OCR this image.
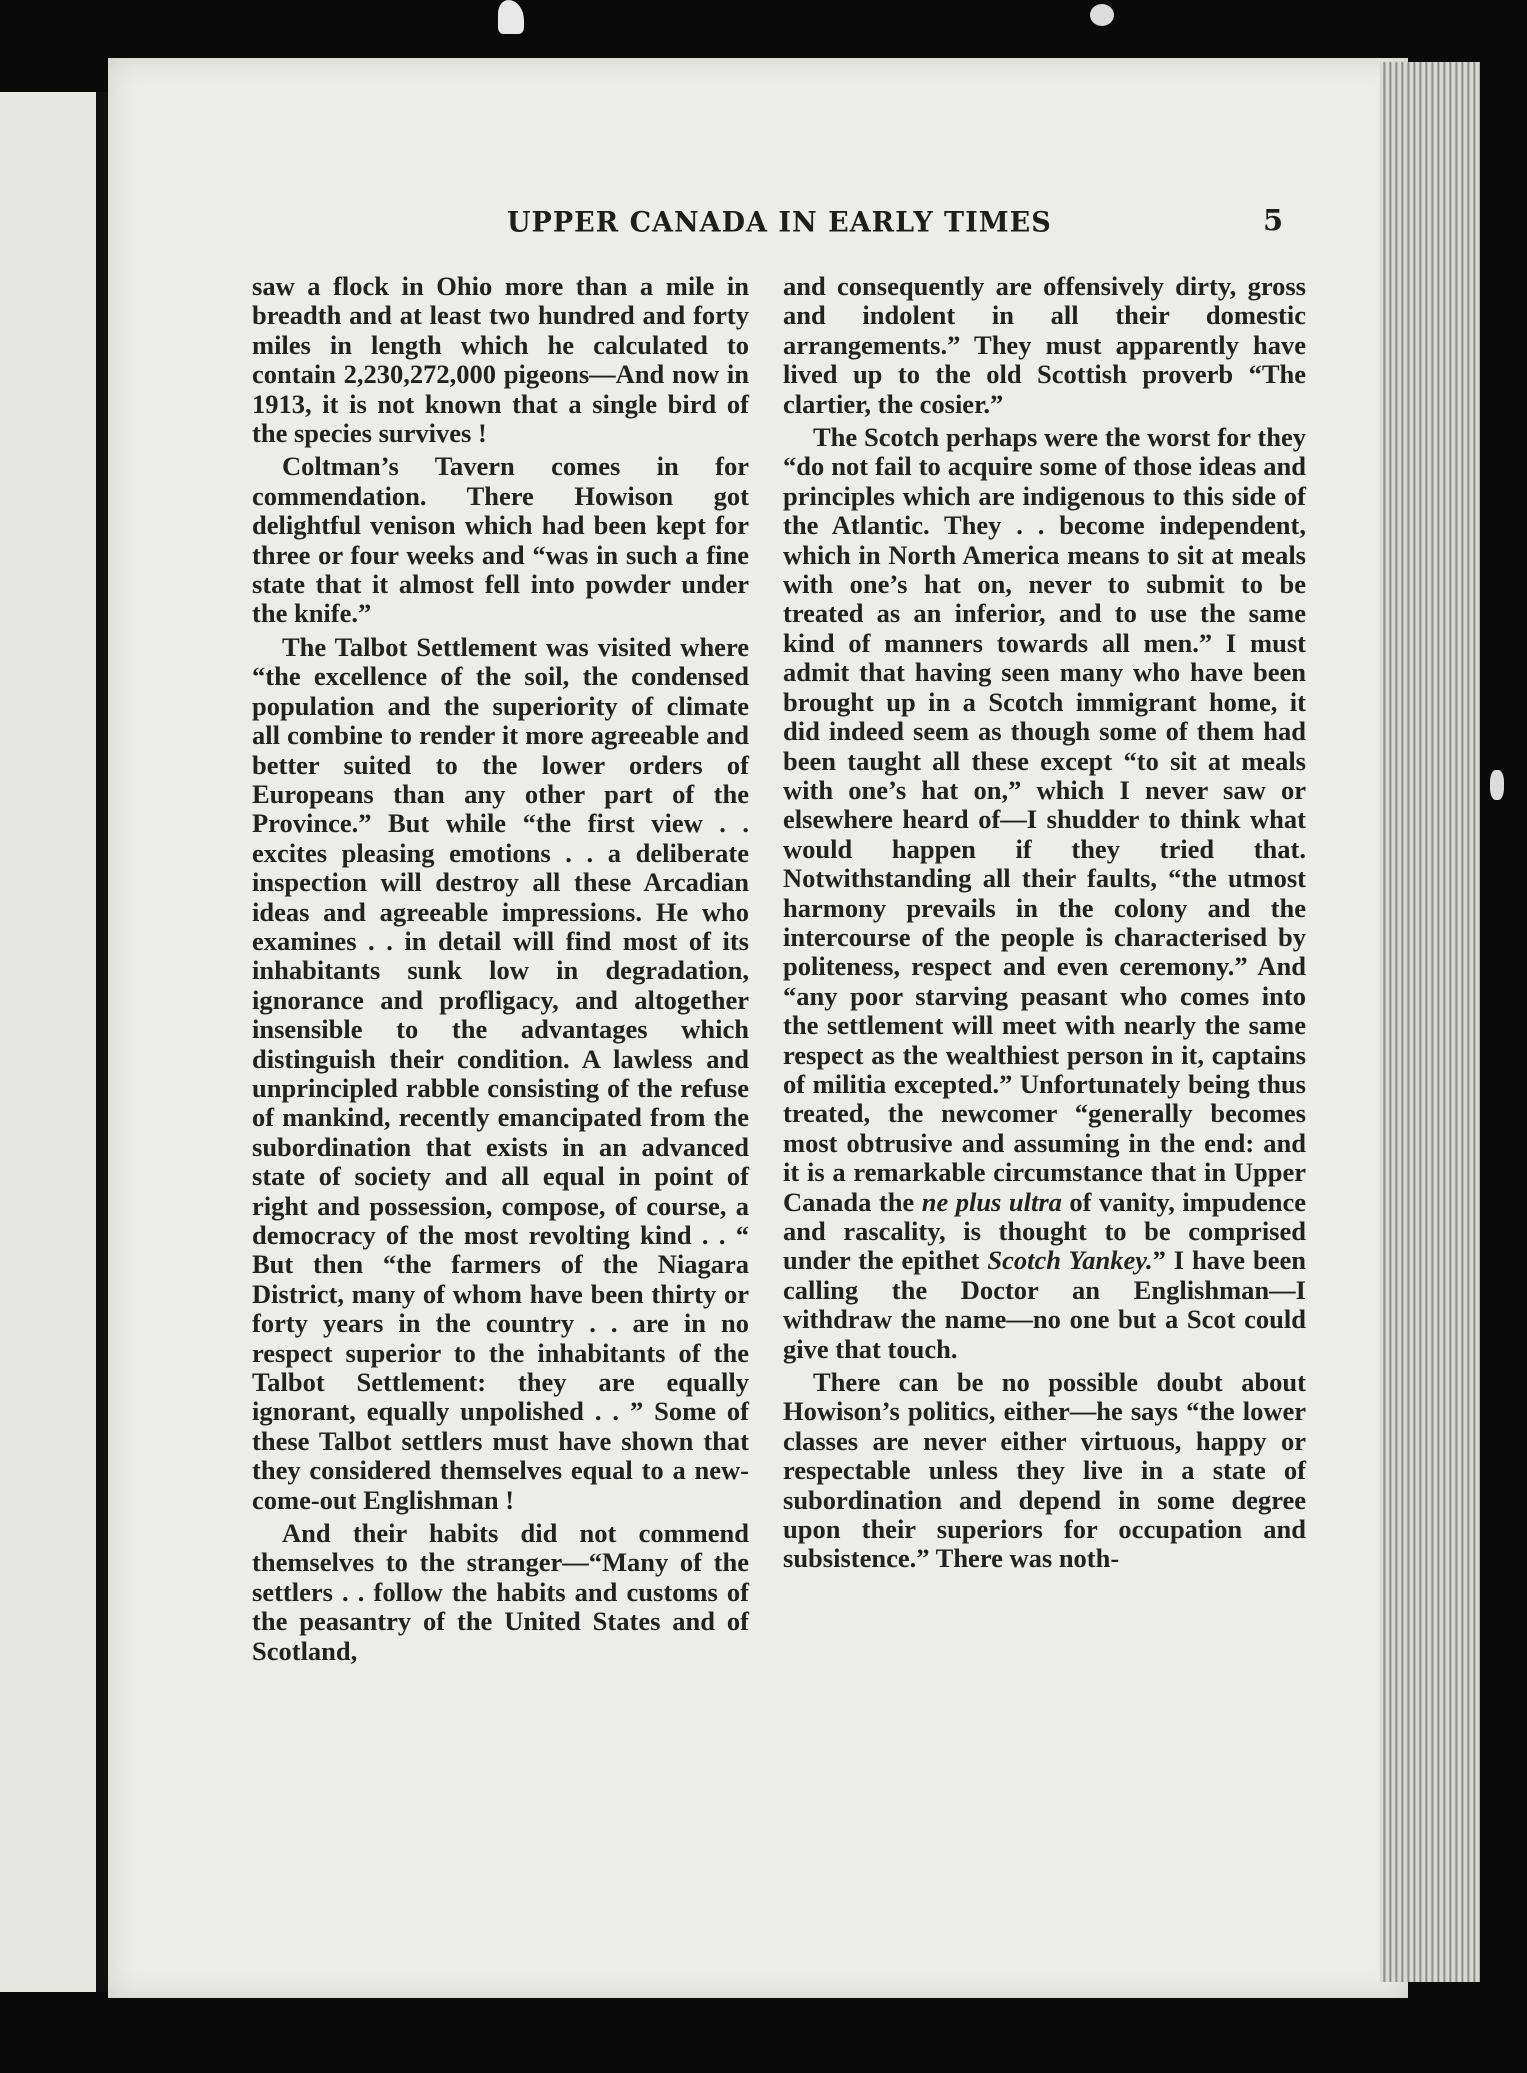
UPPER CANADA IN EARLY TIMES	5

saw a flock in Ohio more than a mile in breadth and at least two hundred and forty miles in length which he calculated to contain 2,230,272,000 pigeons—And now in 1913, it is not known that a single bird of the species survives !

Coltman’s Tavern comes in for commendation. There Howison got delightful venison which had been kept for three or four weeks and “was in such a fine state that it almost fell into powder under the knife.”

The Talbot Settlement was visited where “the excellence of the soil, the condensed population and the superiority of climate all combine to render it more agreeable and better suited to the lower orders of Europeans than any other part of the Province.” But while “the first view . . excites pleasing emotions . . a deliberate inspection will destroy all these Arcadian ideas and agreeable impressions. He who examines . . in detail will find most of its inhabitants sunk low in degradation, ignorance and profligacy, and altogether insensible to the advantages which distinguish their condition. A lawless and unprincipled rabble consisting of the refuse of mankind, recently emancipated from the subordination that exists in an advanced state of society and all equal in point of right and possession, compose, of course, a democracy of the most revolting kind . . “ But then “the farmers of the Niagara District, many of whom have been thirty or forty years in the country . . are in no respect superior to the inhabitants of the Talbot Settlement: they are equally ignorant, equally unpolished . . ” Some of these Talbot settlers must have shown that they considered themselves equal to a new-come-out Englishman !

And their habits did not commend themselves to the stranger—“Many of the settlers . . follow the habits and customs of the peasantry of the United States and of Scotland,

and consequently are offensively dirty, gross and indolent in all their domestic arrangements.” They must apparently have lived up to the old Scottish proverb “The clartier, the cosier.”

The Scotch perhaps were the worst for they “do not fail to acquire some of those ideas and principles which are indigenous to this side of the Atlantic. They . . become independent, which in North America means to sit at meals with one’s hat on, never to submit to be treated as an inferior, and to use the same kind of manners towards all men.” I must admit that having seen many who have been brought up in a Scotch immigrant home, it did indeed seem as though some of them had been taught all these except “to sit at meals with one’s hat on,” which I never saw or elsewhere heard of—I shudder to think what would happen if they tried that. Notwithstanding all their faults, “the utmost harmony prevails in the colony and the intercourse of the people is characterised by politeness, respect and even ceremony.” And “any poor starving peasant who comes into the settlement will meet with nearly the same respect as the wealthiest person in it, captains of militia excepted.” Unfortunately being thus treated, the newcomer “generally becomes most obtrusive and assuming in the end: and it is a remarkable circumstance that in Upper Canada the ne plus ultra of vanity, impudence and rascality, is thought to be comprised under the epithet Scotch Yankey.” I have been calling the Doctor an Englishman—I withdraw the name—no one but a Scot could give that touch.

There can be no possible doubt about Howison’s politics, either—he says “the lower classes are never either virtuous, happy or respectable unless they live in a state of subordination and depend in some degree upon their superiors for occupation and subsistence.” There was noth-
